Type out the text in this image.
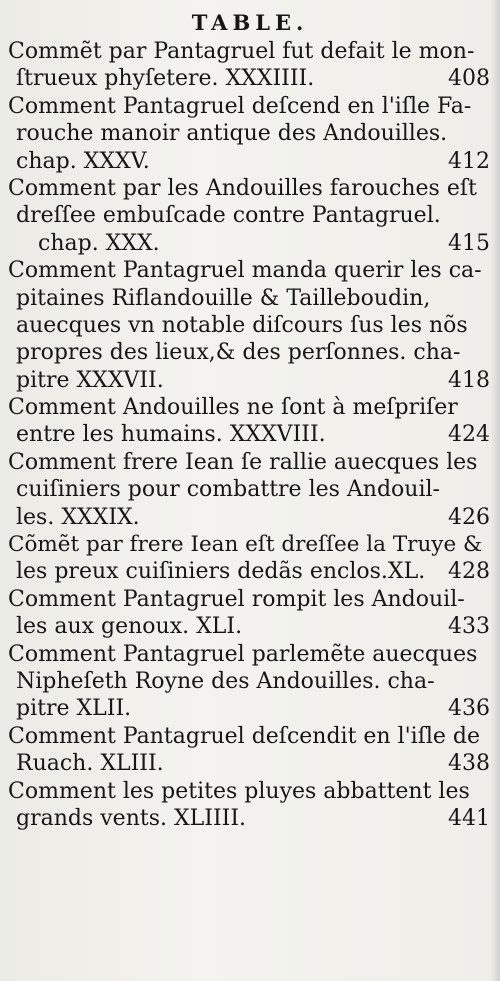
TABLE.
Commẽt par Pantagruel fut defait le mon-
ſtrueux phyſetere. XXXIIII.	408
Comment Pantagruel deſcend en l'iſle Fa-
rouche manoir antique des Andouilles.
chap. XXXV.	412
Comment par les Andouilles farouches eſt
dreſſee embuſcade contre Pantagruel.
chap. XXX.	415
Comment Pantagruel manda querir les ca-
pitaines Riflandouille & Tailleboudin,
auecques vn notable diſcours ſus les nõs
propres des lieux,& des perſonnes. cha-
pitre XXXVII.	418
Comment Andouilles ne ſont à meſpriſer
entre les humains. XXXVIII.	424
Comment frere Iean ſe rallie auecques les
cuiſiniers pour combattre les Andouil-
les. XXXIX.	426
Cõmẽt par frere Iean eſt dreſſee la Truye &
les preux cuiſiniers dedãs enclos.XL.	428
Comment Pantagruel rompit les Andouil-
les aux genoux. XLI.	433
Comment Pantagruel parlemẽte auecques
Nipheſeth Royne des Andouilles. cha-
pitre XLII.	436
Comment Pantagruel deſcendit en l'iſle de
Ruach. XLIII.	438
Comment les petites pluyes abbattent les
grands vents. XLIIII.	441
